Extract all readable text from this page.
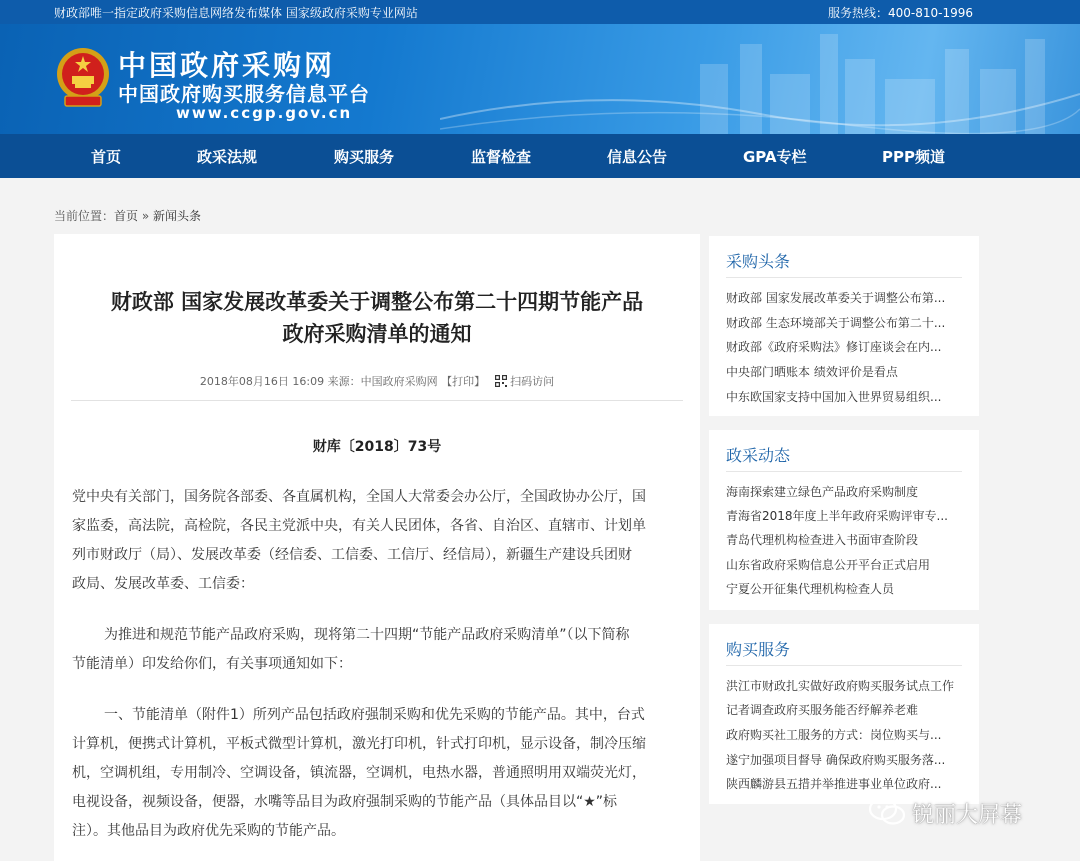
财政部唯一指定政府采购信息网络发布媒体 国家级政府采购专业网站	服务热线：400-810-1996
中国政府采购网
中国政府购买服务信息平台
www.ccgp.gov.cn
首页	政采法规	购买服务	监督检查	信息公告	GPA专栏	PPP频道
当前位置：首页 » 新闻头条
财政部 国家发展改革委关于调整公布第二十四期节能产品
政府采购清单的通知
2018年08月16日 16:09 来源：中国政府采购网 【打印】 扫码访问
财库〔2018〕73号
党中央有关部门，国务院各部委、各直属机构，全国人大常委会办公厅，全国政协办公厅，国
家监委，高法院，高检院，各民主党派中央，有关人民团体，各省、自治区、直辖市、计划单
列市财政厅（局）、发展改革委（经信委、工信委、工信厅、经信局），新疆生产建设兵团财
政局、发展改革委、工信委：
为推进和规范节能产品政府采购，现将第二十四期“节能产品政府采购清单”（以下简称
节能清单）印发给你们，有关事项通知如下：
一、节能清单（附件1）所列产品包括政府强制采购和优先采购的节能产品。其中，台式
计算机，便携式计算机，平板式微型计算机，激光打印机，针式打印机，显示设备，制冷压缩
机，空调机组，专用制冷、空调设备，镇流器，空调机，电热水器，普通照明用双端荧光灯，
电视设备，视频设备，便器，水嘴等品目为政府强制采购的节能产品（具体品目以“★”标
注）。其他品目为政府优先采购的节能产品。
采购头条
财政部 国家发展改革委关于调整公布第...
财政部 生态环境部关于调整公布第二十...
财政部《政府采购法》修订座谈会在内...
中央部门晒账本 绩效评价是看点
中东欧国家支持中国加入世界贸易组织...
政采动态
海南探索建立绿色产品政府采购制度
青海省2018年度上半年政府采购评审专...
青岛代理机构检查进入书面审查阶段
山东省政府采购信息公开平台正式启用
宁夏公开征集代理机构检查人员
购买服务
洪江市财政扎实做好政府购买服务试点工作
记者调查政府买服务能否纾解养老难
政府购买社工服务的方式：岗位购买与...
遂宁加强项目督导 确保政府购买服务落...
陕西麟游县五措并举推进事业单位政府...
锐丽大屏幕
